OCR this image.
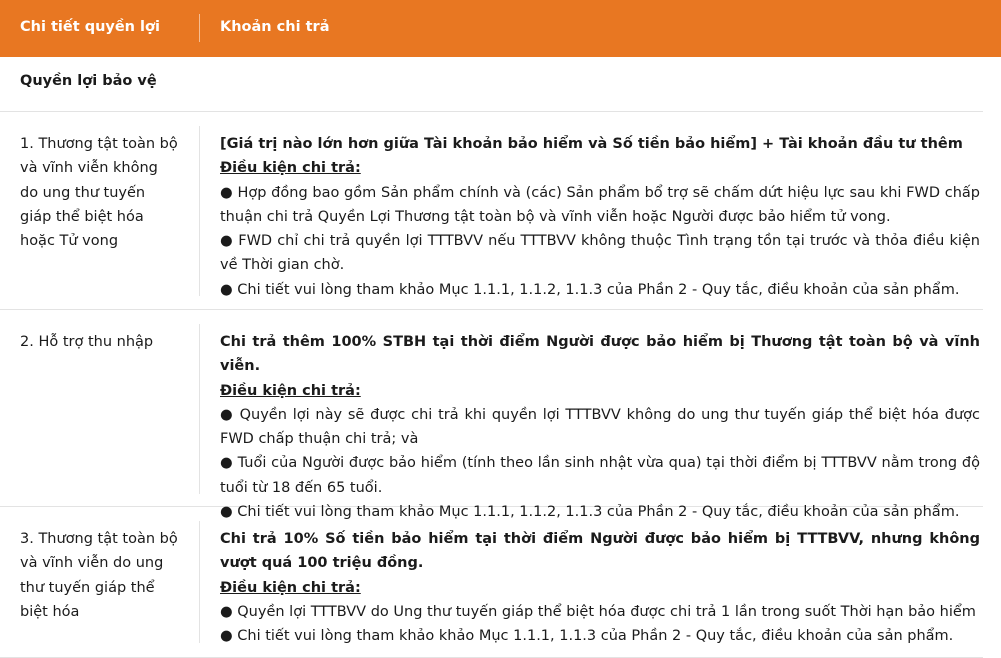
Chi tiết quyền lợi	Khoản chi trả
Quyền lợi bảo vệ
1. Thương tật toàn bộ và vĩnh viễn không do ung thư tuyến giáp thể biệt hóa hoặc Tử vong
[Giá trị nào lớn hơn giữa Tài khoản bảo hiểm và Số tiền bảo hiểm] + Tài khoản đầu tư thêm
Điều kiện chi trả:
● Hợp đồng bao gồm Sản phẩm chính và (các) Sản phẩm bổ trợ sẽ chấm dứt hiệu lực sau khi FWD chấp thuận chi trả Quyền Lợi Thương tật toàn bộ và vĩnh viễn hoặc Người được bảo hiểm tử vong.
● FWD chỉ chi trả quyền lợi TTTBVV nếu TTTBVV không thuộc Tình trạng tồn tại trước và thỏa điều kiện về Thời gian chờ.
● Chi tiết vui lòng tham khảo Mục 1.1.1, 1.1.2, 1.1.3 của Phần 2 - Quy tắc, điều khoản của sản phẩm.
2. Hỗ trợ thu nhập	Chi trả thêm 100% STBH tại thời điểm Người được bảo hiểm bị Thương tật toàn bộ và vĩnh viễn.
Điều kiện chi trả:
● Quyền lợi này sẽ được chi trả khi quyền lợi TTTBVV không do ung thư tuyến giáp thể biệt hóa được FWD chấp thuận chi trả; và
● Tuổi của Người được bảo hiểm (tính theo lần sinh nhật vừa qua) tại thời điểm bị TTTBVV nằm trong độ tuổi từ 18 đến 65 tuổi.
● Chi tiết vui lòng tham khảo Mục 1.1.1, 1.1.2, 1.1.3 của Phần 2 - Quy tắc, điều khoản của sản phẩm.
3. Thương tật toàn bộ và vĩnh viễn do ung thư tuyến giáp thể biệt hóa
Chi trả 10% Số tiền bảo hiểm tại thời điểm Người được bảo hiểm bị TTTBVV, nhưng không vượt quá 100 triệu đồng.
Điều kiện chi trả:
● Quyền lợi TTTBVV do Ung thư tuyến giáp thể biệt hóa được chi trả 1 lần trong suốt Thời hạn bảo hiểm
● Chi tiết vui lòng tham khảo khảo Mục 1.1.1, 1.1.3 của Phần 2 - Quy tắc, điều khoản của sản phẩm.
